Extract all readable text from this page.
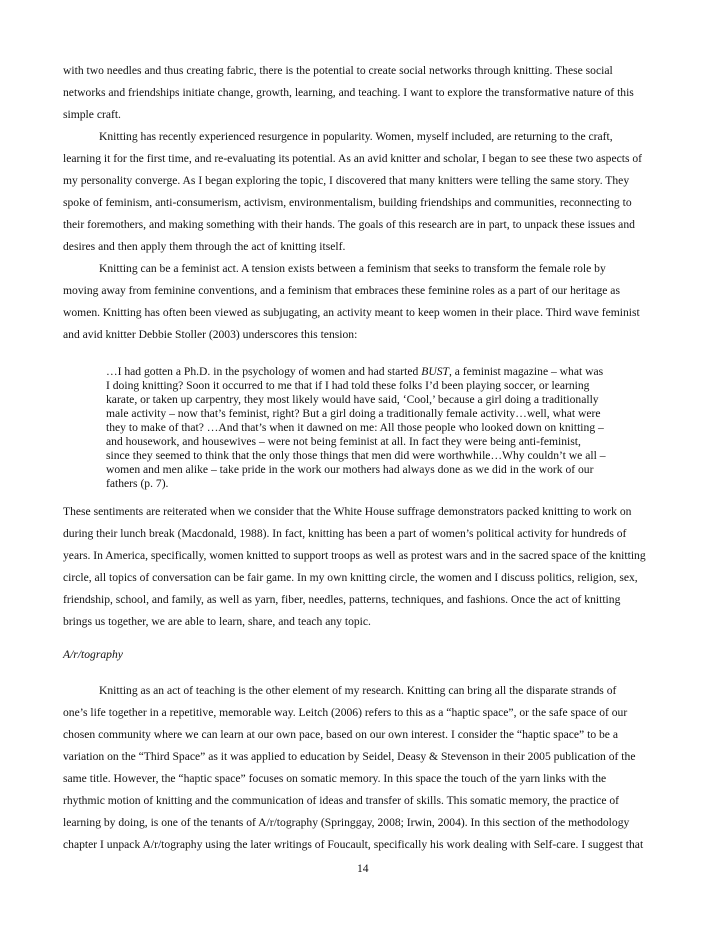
with two needles and thus creating fabric, there is the potential to create social networks through knitting. These social
networks and friendships initiate change, growth, learning, and teaching. I want to explore the transformative nature of this
simple craft.
Knitting has recently experienced resurgence in popularity. Women, myself included, are returning to the craft,
learning it for the first time, and re-evaluating its potential. As an avid knitter and scholar, I began to see these two aspects of
my personality converge. As I began exploring the topic, I discovered that many knitters were telling the same story. They
spoke of feminism, anti-consumerism, activism, environmentalism, building friendships and communities, reconnecting to
their foremothers, and making something with their hands. The goals of this research are in part, to unpack these issues and
desires and then apply them through the act of knitting itself.
Knitting can be a feminist act. A tension exists between a feminism that seeks to transform the female role by
moving away from feminine conventions, and a feminism that embraces these feminine roles as a part of our heritage as
women. Knitting has often been viewed as subjugating, an activity meant to keep women in their place. Third wave feminist
and avid knitter Debbie Stoller (2003) underscores this tension:
…I had gotten a Ph.D. in the psychology of women and had started BUST, a feminist magazine – what was
I doing knitting? Soon it occurred to me that if I had told these folks I’d been playing soccer, or learning
karate, or taken up carpentry, they most likely would have said, ‘Cool,’ because a girl doing a traditionally
male activity – now that’s feminist, right? But a girl doing a traditionally female activity…well, what were
they to make of that? …And that’s when it dawned on me: All those people who looked down on knitting –
and housework, and housewives – were not being feminist at all. In fact they were being anti-feminist,
since they seemed to think that the only those things that men did were worthwhile…Why couldn’t we all –
women and men alike – take pride in the work our mothers had always done as we did in the work of our
fathers (p. 7).
These sentiments are reiterated when we consider that the White House suffrage demonstrators packed knitting to work on
during their lunch break (Macdonald, 1988). In fact, knitting has been a part of women’s political activity for hundreds of
years. In America, specifically, women knitted to support troops as well as protest wars and in the sacred space of the knitting
circle, all topics of conversation can be fair game. In my own knitting circle, the women and I discuss politics, religion, sex,
friendship, school, and family, as well as yarn, fiber, needles, patterns, techniques, and fashions. Once the act of knitting
brings us together, we are able to learn, share, and teach any topic.
A/r/tography
Knitting as an act of teaching is the other element of my research. Knitting can bring all the disparate strands of
one’s life together in a repetitive, memorable way. Leitch (2006) refers to this as a “haptic space”, or the safe space of our
chosen community where we can learn at our own pace, based on our own interest. I consider the “haptic space” to be a
variation on the “Third Space” as it was applied to education by Seidel, Deasy & Stevenson in their 2005 publication of the
same title. However, the “haptic space” focuses on somatic memory. In this space the touch of the yarn links with the
rhythmic motion of knitting and the communication of ideas and transfer of skills. This somatic memory, the practice of
learning by doing, is one of the tenants of A/r/tography (Springgay, 2008; Irwin, 2004). In this section of the methodology
chapter I unpack A/r/tography using the later writings of Foucault, specifically his work dealing with Self-care. I suggest that
14
